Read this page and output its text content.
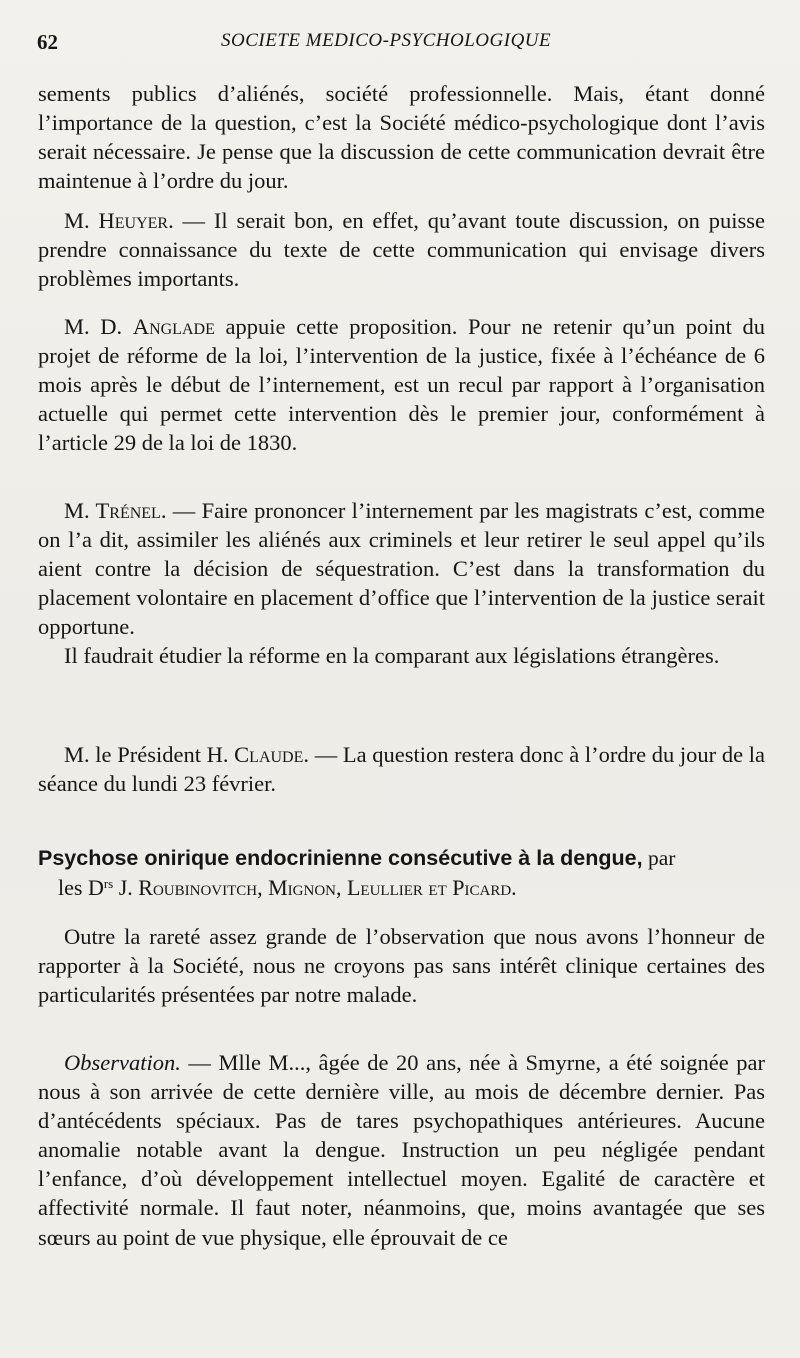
62	SOCIETE MEDICO-PSYCHOLOGIQUE

sements publics d’aliénés, société professionnelle. Mais, étant donné l’importance de la question, c’est la Société médico-psychologique dont l’avis serait nécessaire. Je pense que la discussion de cette communication devrait être maintenue à l’ordre du jour.

M. Heuyer. — Il serait bon, en effet, qu’avant toute discussion, on puisse prendre connaissance du texte de cette communication qui envisage divers problèmes importants.

M. D. Anglade appuie cette proposition. Pour ne retenir qu’un point du projet de réforme de la loi, l’intervention de la justice, fixée à l’échéance de 6 mois après le début de l’internement, est un recul par rapport à l’organisation actuelle qui permet cette intervention dès le premier jour, conformément à l’article 29 de la loi de 1830.

M. Trénel. — Faire prononcer l’internement par les magistrats c’est, comme on l’a dit, assimiler les aliénés aux criminels et leur retirer le seul appel qu’ils aient contre la décision de séquestration. C’est dans la transformation du placement volontaire en placement d’office que l’intervention de la justice serait opportune.

Il faudrait étudier la réforme en la comparant aux législations étrangères.

M. le Président H. Claude. — La question restera donc à l’ordre du jour de la séance du lundi 23 février.

Psychose onirique endocrinienne consécutive à la dengue, par
les $D^{rs}$ J. Roubinovitch, Mignon, Leullier et Picard.

Outre la rareté assez grande de l’observation que nous avons l’honneur de rapporter à la Société, nous ne croyons pas sans intérêt clinique certaines des particularités présentées par notre malade.

Observation. — Mlle M..., âgée de 20 ans, née à Smyrne, a été soignée par nous à son arrivée de cette dernière ville, au mois de décembre dernier. Pas d’antécédents spéciaux. Pas de tares psychopathiques antérieures. Aucune anomalie notable avant la dengue. Instruction un peu négligée pendant l’enfance, d’où développement intellectuel moyen. Egalité de caractère et affectivité normale. Il faut noter, néanmoins, que, moins avantagée que ses sœurs au point de vue physique, elle éprouvait de ce
